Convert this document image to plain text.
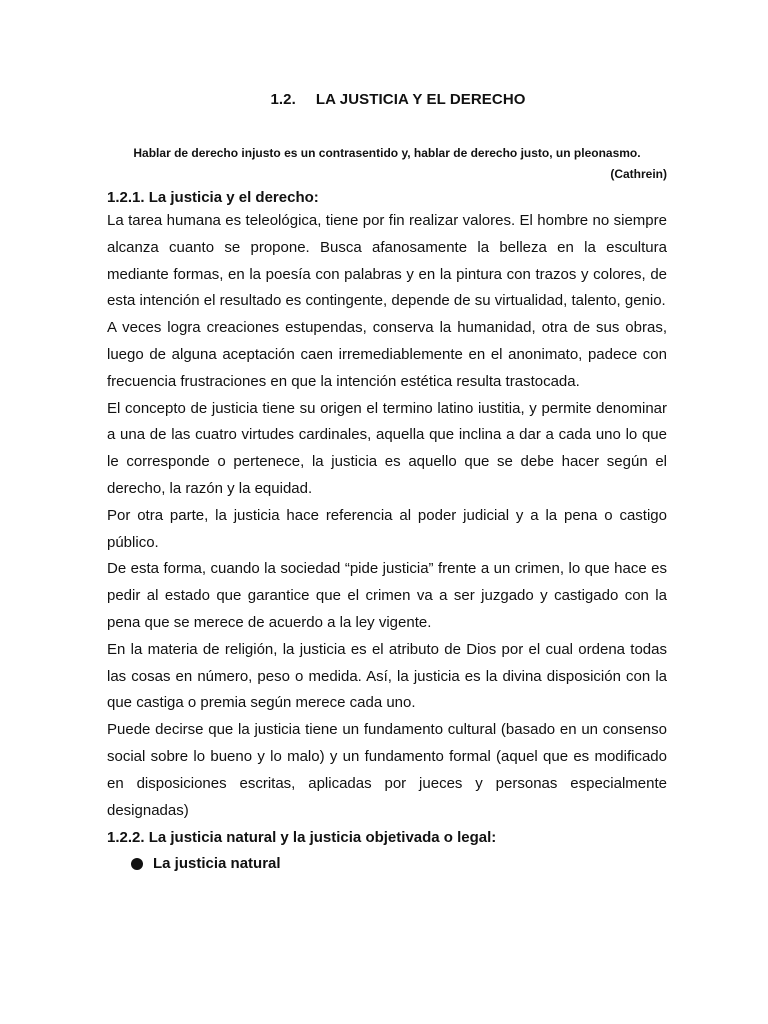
1.2. LA JUSTICIA Y EL DERECHO

Hablar de derecho injusto es un contrasentido y, hablar de derecho justo, un pleonasmo.

(Cathrein)

1.2.1. La justicia y el derecho:

La tarea humana es teleológica, tiene por fin realizar valores. El hombre no siempre alcanza cuanto se propone. Busca afanosamente la belleza en la escultura mediante formas, en la poesía con palabras y en la pintura con trazos y colores, de esta intención el resultado es contingente, depende de su virtualidad, talento, genio.

A veces logra creaciones estupendas, conserva la humanidad, otra de sus obras, luego de alguna aceptación caen irremediablemente en el anonimato, padece con frecuencia frustraciones en que la intención estética resulta trastocada.

El concepto de justicia tiene su origen el termino latino iustitia, y permite denominar a una de las cuatro virtudes cardinales, aquella que inclina a dar a cada uno lo que le corresponde o pertenece, la justicia es aquello que se debe hacer según el derecho, la razón y la equidad.

Por otra parte, la justicia hace referencia al poder judicial y a la pena o castigo público.

De esta forma, cuando la sociedad “pide justicia” frente a un crimen, lo que hace es pedir al estado que garantice que el crimen va a ser juzgado y castigado con la pena que se merece de acuerdo a la ley vigente.

En la materia de religión, la justicia es el atributo de Dios por el cual ordena todas las cosas en número, peso o medida. Así, la justicia es la divina disposición con la que castiga o premia según merece cada uno.

Puede decirse que la justicia tiene un fundamento cultural (basado en un consenso social sobre lo bueno y lo malo) y un fundamento formal (aquel que es modificado en disposiciones escritas, aplicadas por jueces y personas especialmente designadas)

1.2.2. La justicia natural y la justicia objetivada o legal:

La justicia natural
